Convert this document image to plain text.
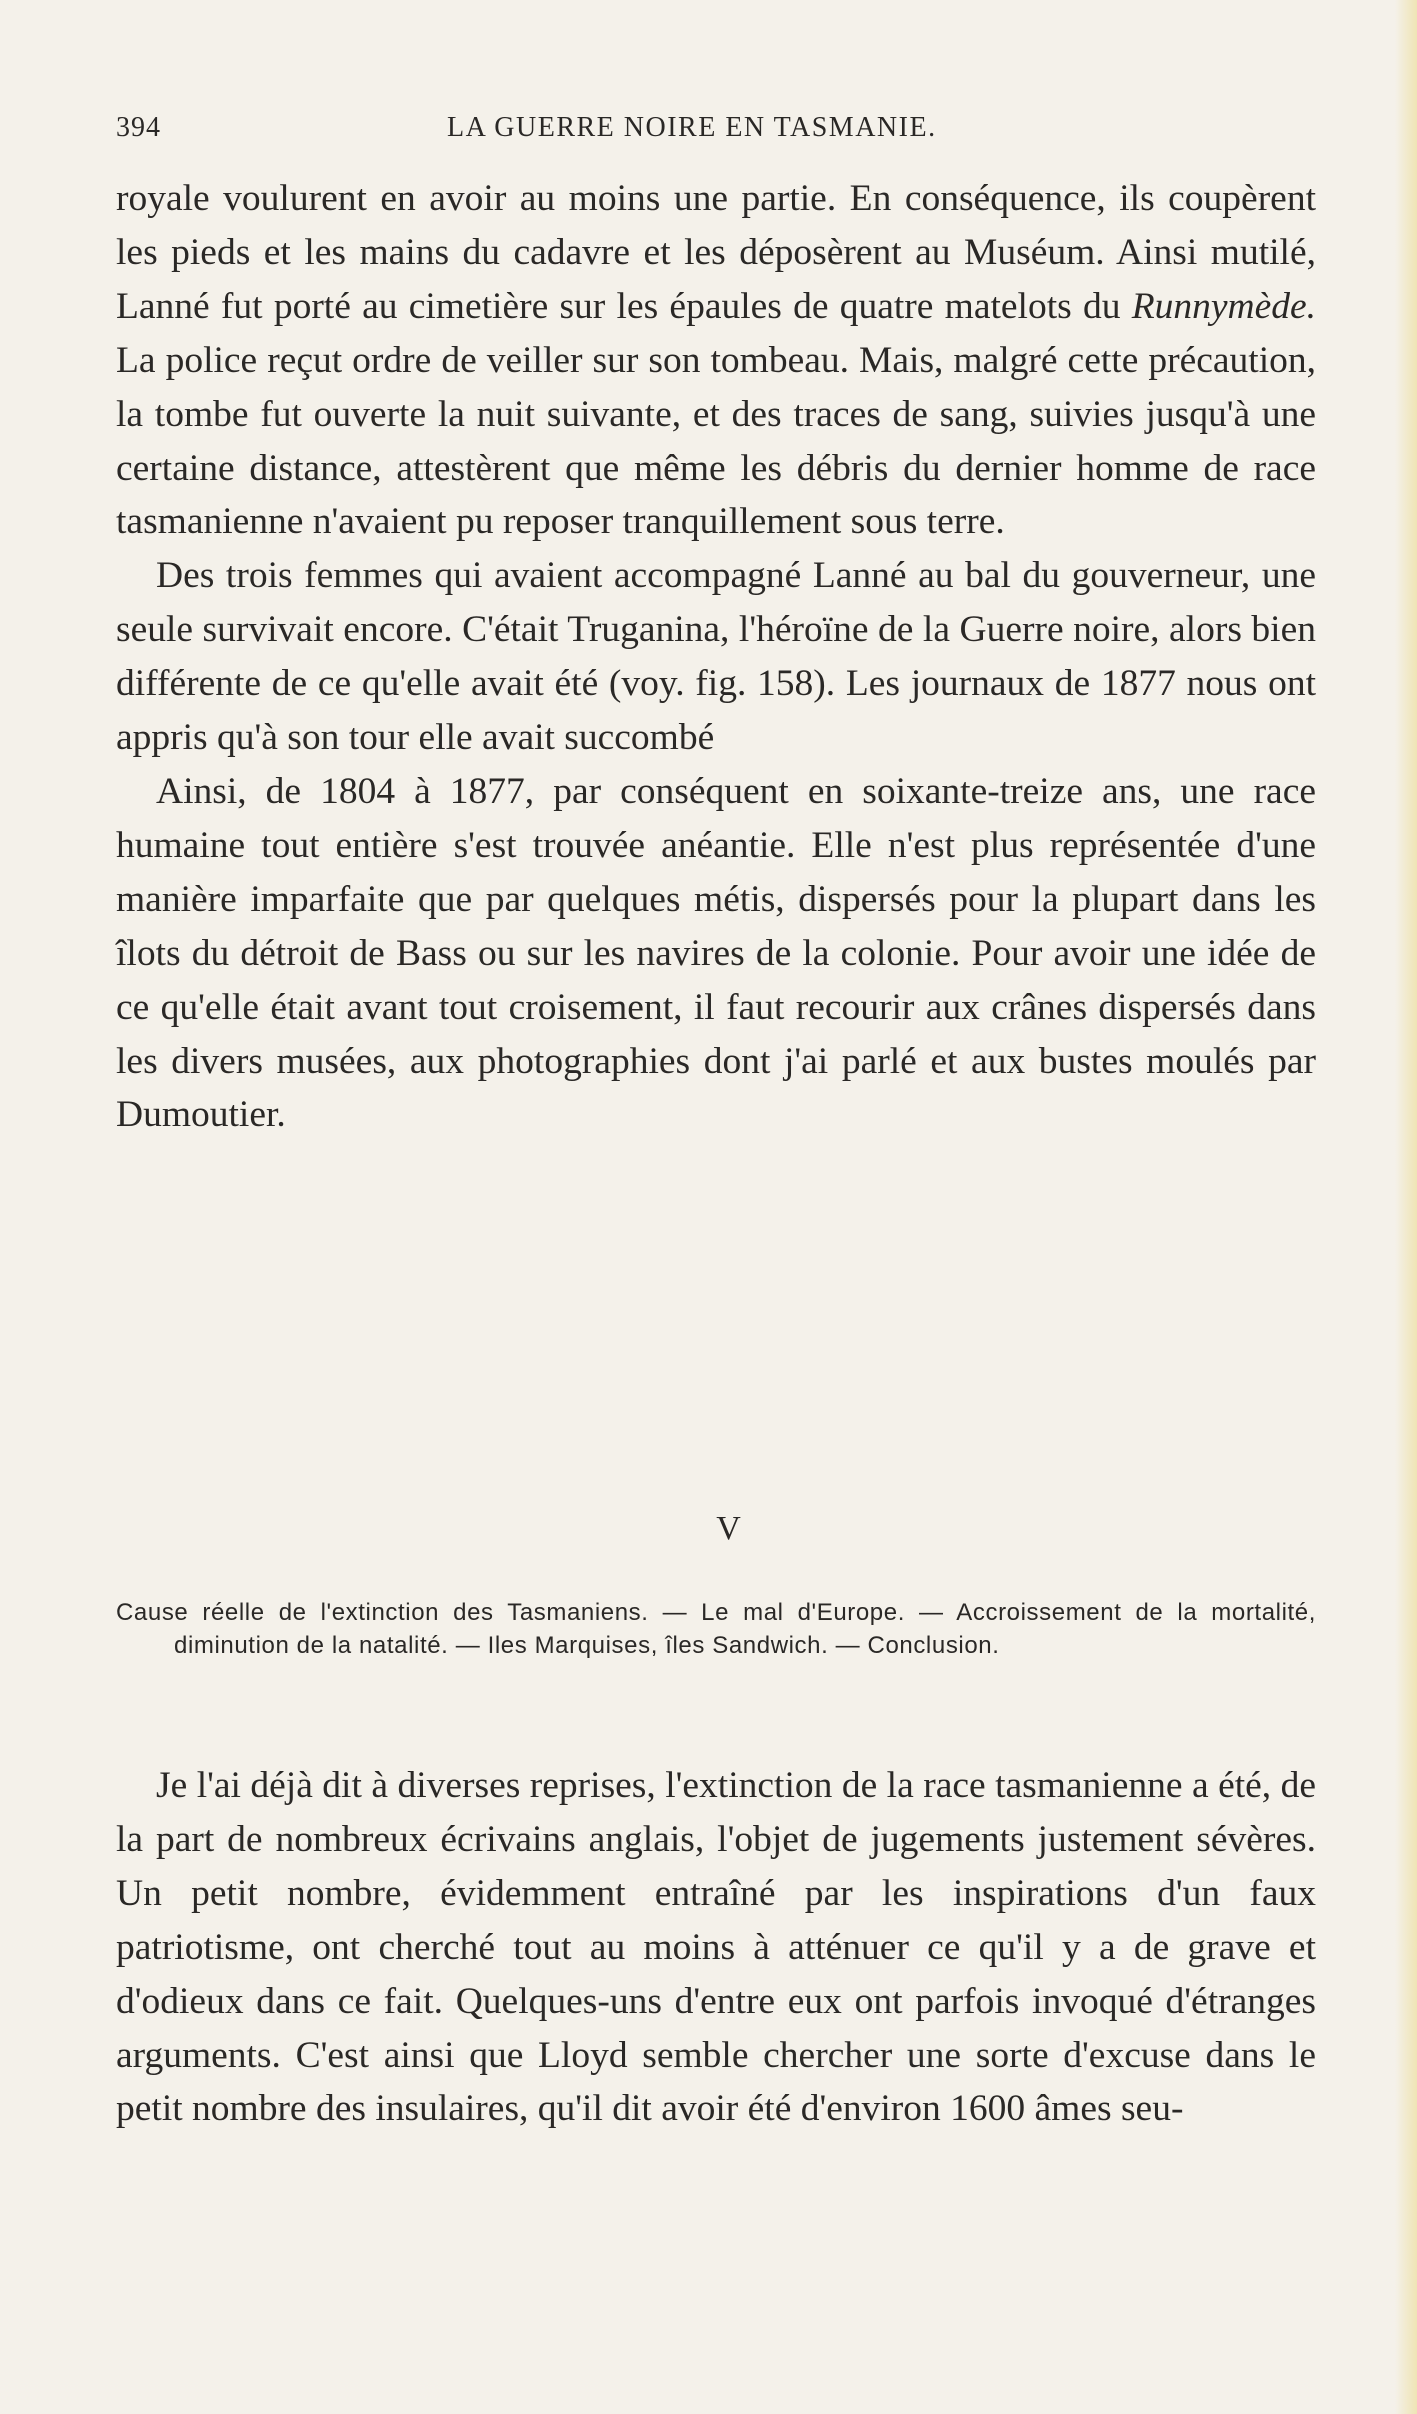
394	LA GUERRE NOIRE EN TASMANIE.

royale voulurent en avoir au moins une partie. En conséquence, ils coupèrent les pieds et les mains du cadavre et les déposèrent au Muséum. Ainsi mutilé, Lanné fut porté au cimetière sur les épaules de quatre matelots du Runnymède. La police reçut ordre de veiller sur son tombeau. Mais, malgré cette précaution, la tombe fut ouverte la nuit suivante, et des traces de sang, suivies jusqu'à une certaine distance, attestèrent que même les débris du dernier homme de race tasmanienne n'avaient pu reposer tranquillement sous terre.

Des trois femmes qui avaient accompagné Lanné au bal du gouverneur, une seule survivait encore. C'était Truganina, l'héroïne de la Guerre noire, alors bien différente de ce qu'elle avait été (voy. fig. 158). Les journaux de 1877 nous ont appris qu'à son tour elle avait succombé

Ainsi, de 1804 à 1877, par conséquent en soixante-treize ans, une race humaine tout entière s'est trouvée anéantie. Elle n'est plus représentée d'une manière imparfaite que par quelques métis, dispersés pour la plupart dans les îlots du détroit de Bass ou sur les navires de la colonie. Pour avoir une idée de ce qu'elle était avant tout croisement, il faut recourir aux crânes dispersés dans les divers musées, aux photographies dont j'ai parlé et aux bustes moulés par Dumoutier.

V
Cause réelle de l'extinction des Tasmaniens. — Le mal d'Europe. — Accroissement de la mortalité, diminution de la natalité. — Iles Marquises, îles Sandwich. — Conclusion.

Je l'ai déjà dit à diverses reprises, l'extinction de la race tasmanienne a été, de la part de nombreux écrivains anglais, l'objet de jugements justement sévères. Un petit nombre, évidemment entraîné par les inspirations d'un faux patriotisme, ont cherché tout au moins à atténuer ce qu'il y a de grave et d'odieux dans ce fait. Quelques-uns d'entre eux ont parfois invoqué d'étranges arguments. C'est ainsi que Lloyd semble chercher une sorte d'excuse dans le petit nombre des insulaires, qu'il dit avoir été d'environ 1600 âmes seu-
